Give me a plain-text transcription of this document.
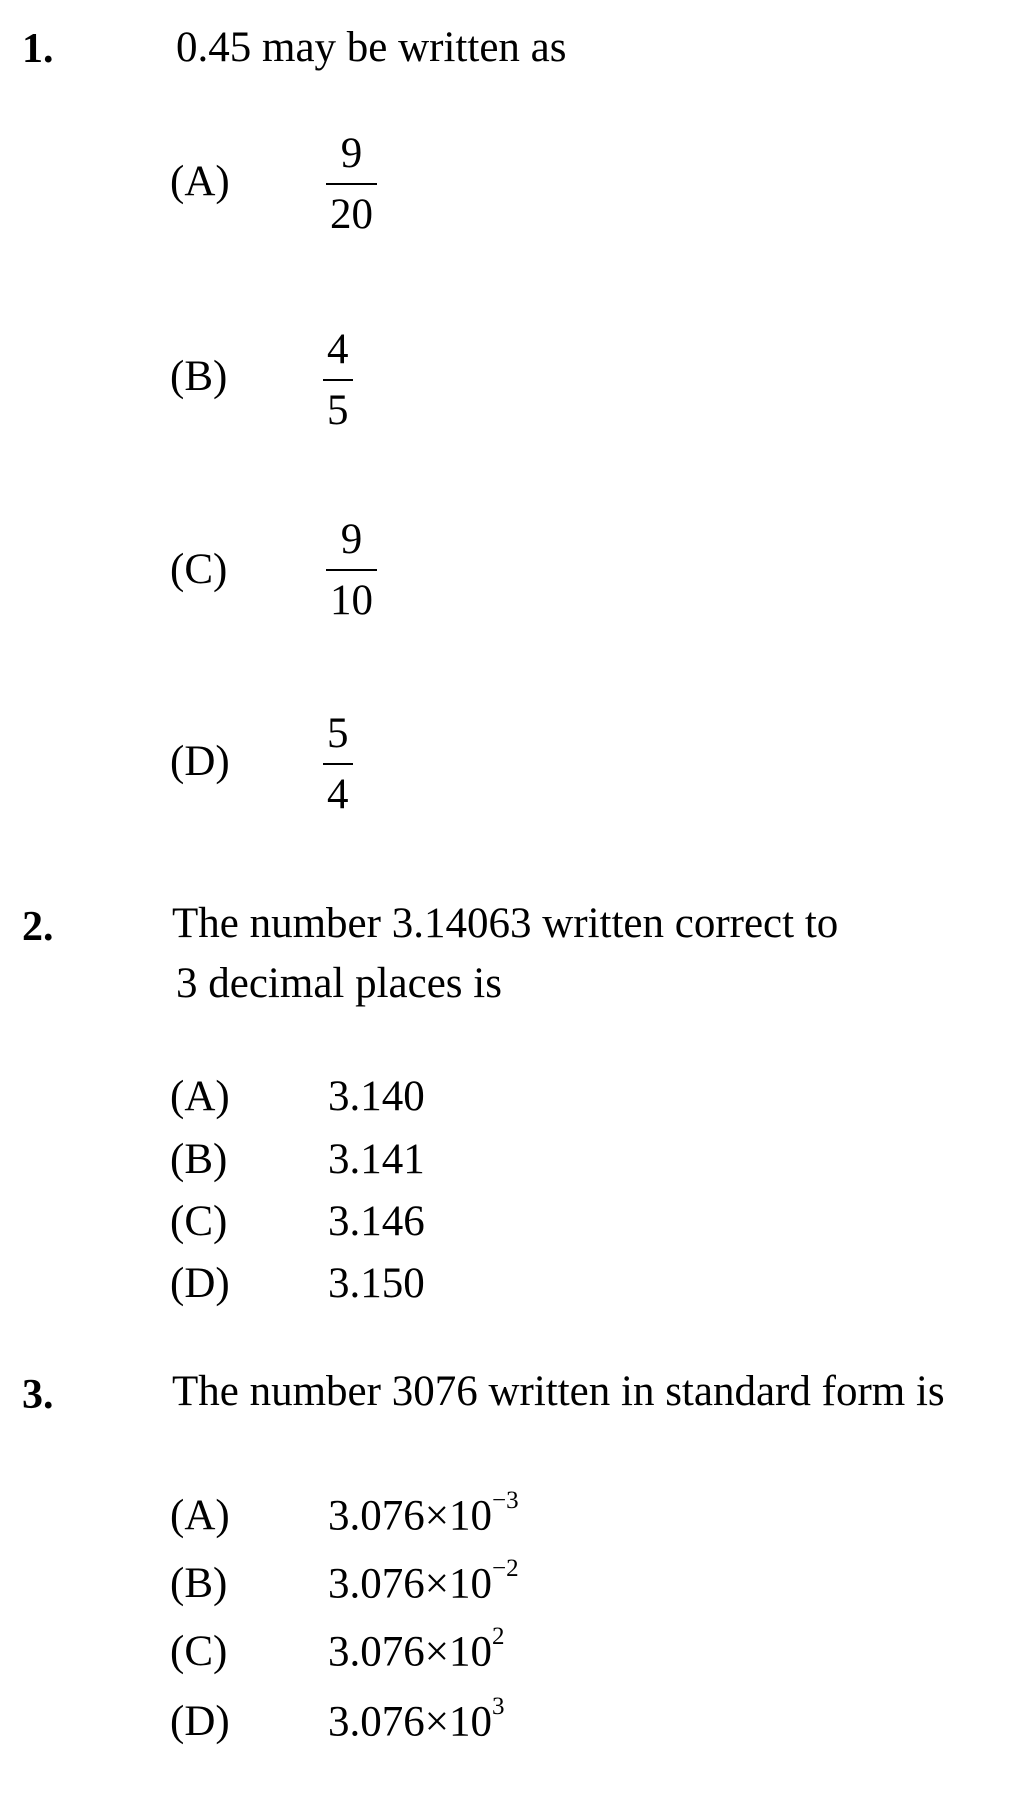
1.	0.45 may be written as
(A)
9
20
(B)
4
5
(C)
9
10
(D)
5
4
2.	The number 3.14063 written correct to
3 decimal places is
(A) 3.140
(B) 3.141
(C) 3.146
(D) 3.150
3.	The number 3076 written in standard form is
(A) $3.076\times 10^{-3}$
(B) $3.076\times 10^{-2}$
(C) $3.076\times 10^2$
(D) $3.076\times 10^3$
